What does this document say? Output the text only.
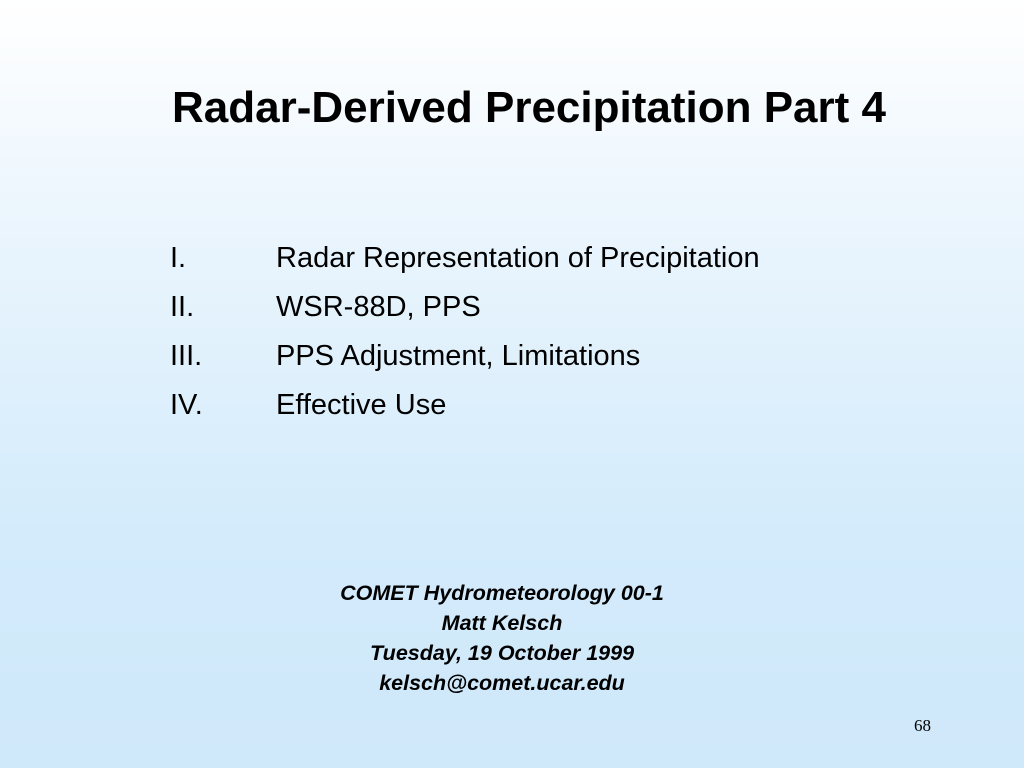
Radar-Derived Precipitation Part 4
I.	Radar Representation of Precipitation
II.	WSR-88D, PPS
III.	PPS Adjustment, Limitations
IV.	Effective Use
COMET Hydrometeorology 00-1
Matt Kelsch
Tuesday, 19 October 1999
kelsch@comet.ucar.edu
68
